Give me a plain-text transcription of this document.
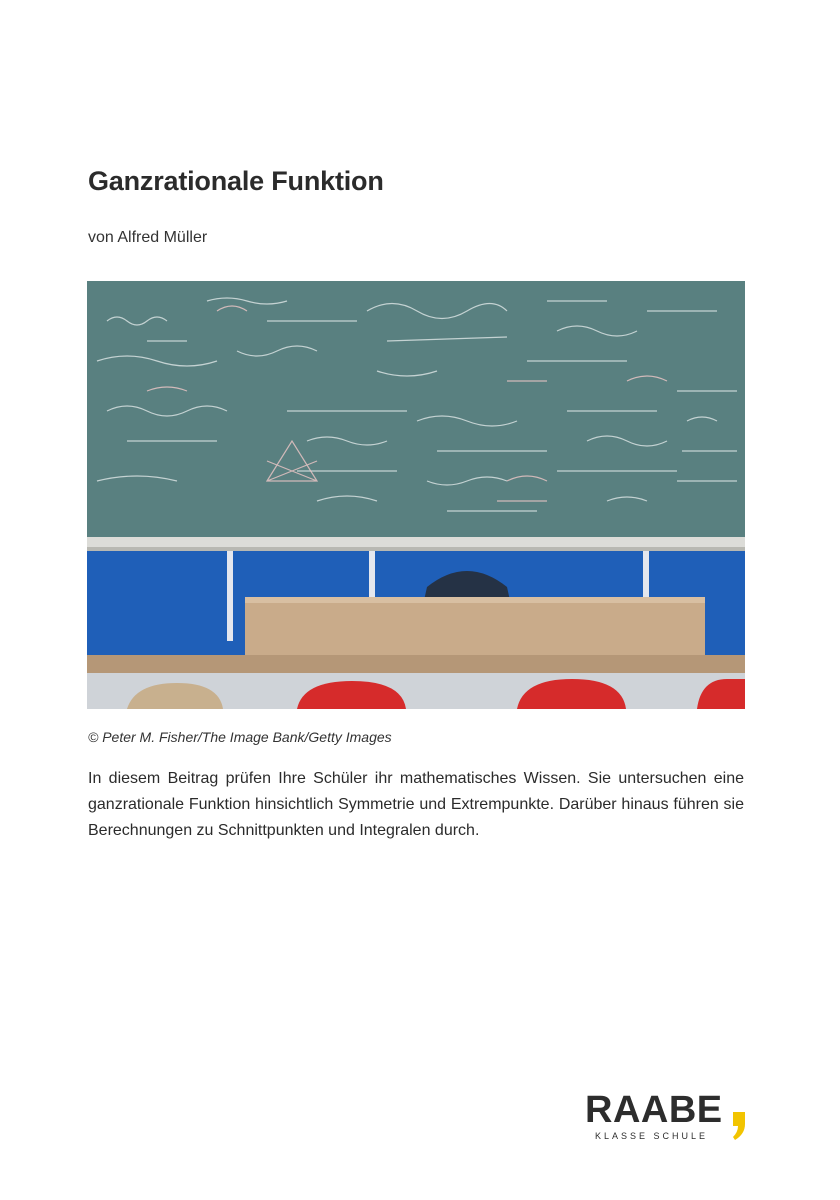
Ganzrationale Funktion

von Alfred Müller

© Peter M. Fisher/The Image Bank/Getty Images

In diesem Beitrag prüfen Ihre Schüler ihr mathematisches Wissen. Sie untersuchen eine ganzrationale Funktion hinsichtlich Symmetrie und Extrempunkte. Darüber hinaus führen sie Berechnungen zu Schnittpunkten und Integralen durch.

RAABE

KLASSE SCHULE
